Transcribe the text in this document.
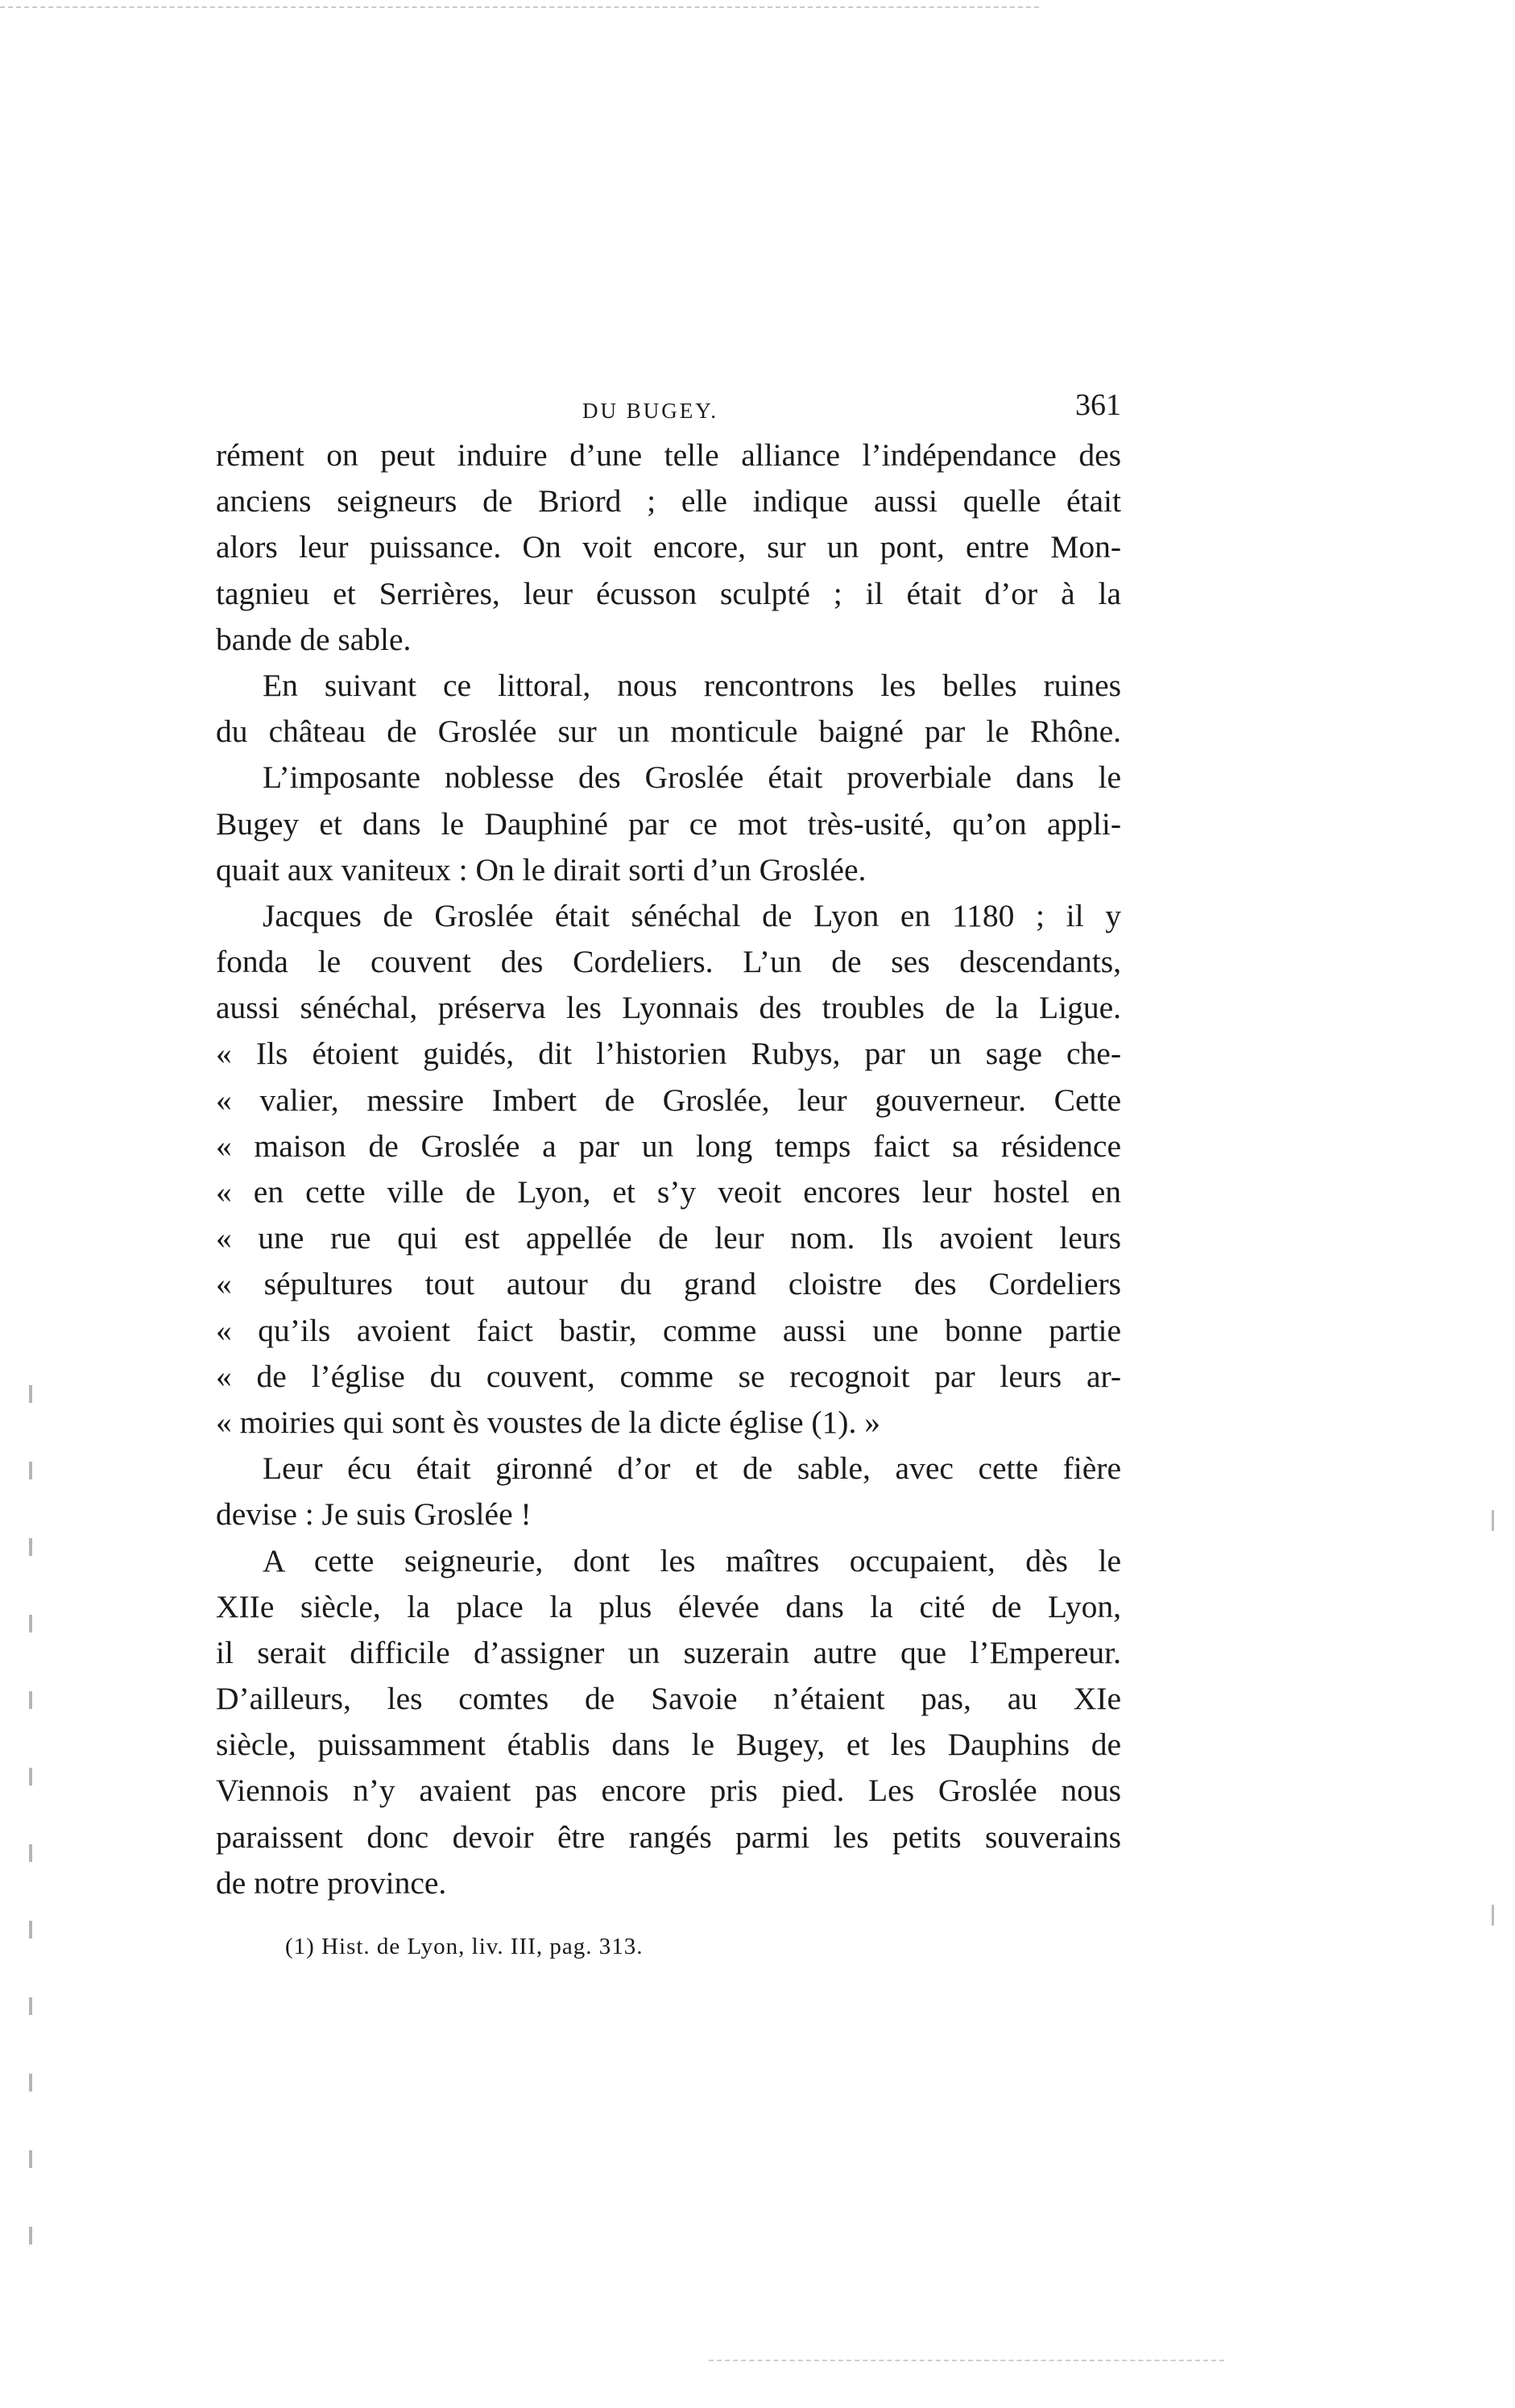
DU BUGEY.	361
rément on peut induire d’une telle alliance l’indépendance des
anciens seigneurs de Briord ; elle indique aussi quelle était
alors leur puissance. On voit encore, sur un pont, entre Mon-
tagnieu et Serrières, leur écusson sculpté ; il était d’or à la
bande de sable.
En suivant ce littoral, nous rencontrons les belles ruines
du château de Groslée sur un monticule baigné par le Rhône.
L’imposante noblesse des Groslée était proverbiale dans le
Bugey et dans le Dauphiné par ce mot très-usité, qu’on appli-
quait aux vaniteux : On le dirait sorti d’un Groslée.
Jacques de Groslée était sénéchal de Lyon en 1180 ; il y
fonda le couvent des Cordeliers. L’un de ses descendants,
aussi sénéchal, préserva les Lyonnais des troubles de la Ligue.
« Ils étoient guidés, dit l’historien Rubys, par un sage che-
« valier, messire Imbert de Groslée, leur gouverneur. Cette
« maison de Groslée a par un long temps faict sa résidence
« en cette ville de Lyon, et s’y veoit encores leur hostel en
« une rue qui est appellée de leur nom. Ils avoient leurs
« sépultures tout autour du grand cloistre des Cordeliers
« qu’ils avoient faict bastir, comme aussi une bonne partie
« de l’église du couvent, comme se recognoit par leurs ar-
« moiries qui sont ès voustes de la dicte église (1). »
Leur écu était gironné d’or et de sable, avec cette fière
devise : Je suis Groslée !
A cette seigneurie, dont les maîtres occupaient, dès le
XIIe siècle, la place la plus élevée dans la cité de Lyon,
il serait difficile d’assigner un suzerain autre que l’Empereur.
D’ailleurs, les comtes de Savoie n’étaient pas, au XIe
siècle, puissamment établis dans le Bugey, et les Dauphins de
Viennois n’y avaient pas encore pris pied. Les Groslée nous
paraissent donc devoir être rangés parmi les petits souverains
de notre province.
(1) Hist. de Lyon, liv. III, pag. 313.
